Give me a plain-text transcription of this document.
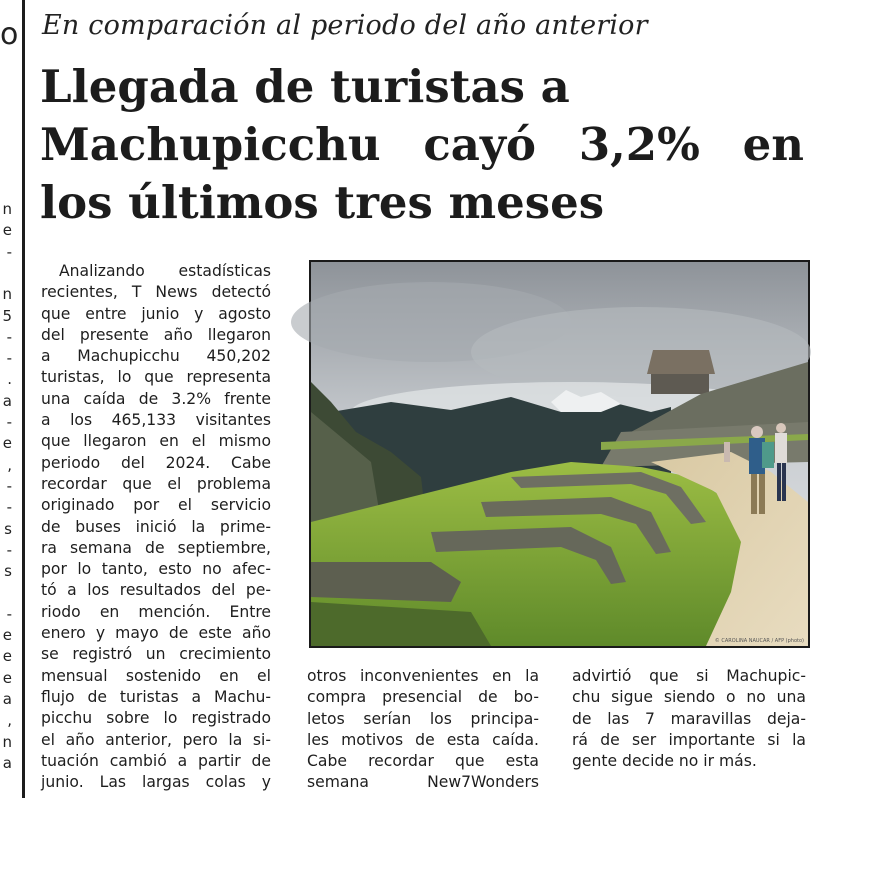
o
n
e
-
n
5
-
-
.
a
-
e
,
-
-
s
-
s
-
e
e
e
a
,
n
a
En comparación al periodo del año anterior
Llegada de turistas a
Machupicchu cayó 3,2% en
los últimos tres meses
Analizando estadísticas
recientes, T News detectó
que entre junio y agosto
del presente año llegaron
a Machupicchu 450,202
turistas, lo que representa
una caída de 3.2% frente
a los 465,133 visitantes
que llegaron en el mismo
periodo del 2024. Cabe
recordar que el problema
originado por el servicio
de buses inició la prime-
ra semana de septiembre,
por lo tanto, esto no afec-
tó a los resultados del pe-
riodo en mención. Entre
enero y mayo de este año
se registró un crecimiento
mensual sostenido en el
flujo de turistas a Machu-
picchu sobre lo registrado
el año anterior, pero la si-
tuación cambió a partir de
junio. Las largas colas y
© CAROLINA NAUCAR / AFP (photo)
otros inconvenientes en la
compra presencial de bo-
letos serían los principa-
les motivos de esta caída.
Cabe recordar que esta
semana New7Wonders
advirtió que si Machupic-
chu sigue siendo o no una
de las 7 maravillas deja-
rá de ser importante si la
gente decide no ir más.
